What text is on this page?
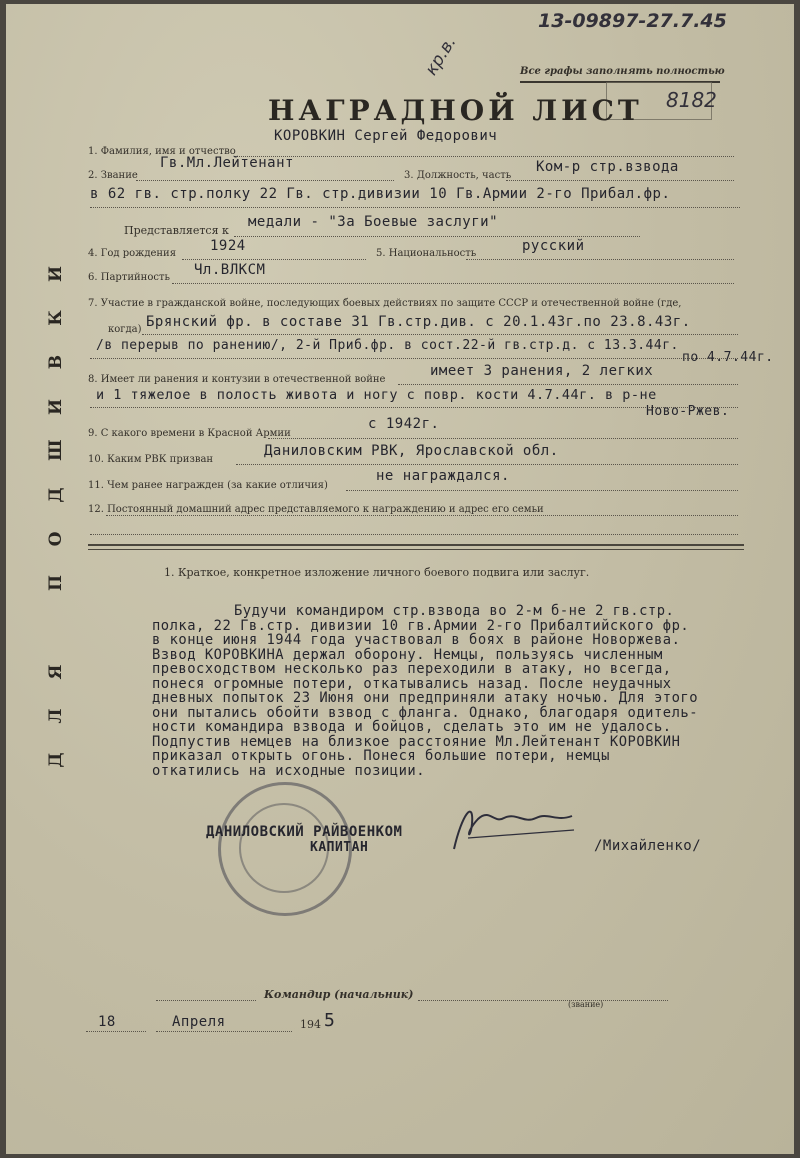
13-09897-27.7.45
Все графы заполнять полностью
8182
кр.в.
НАГРАДНОЙ ЛИСТ
КОРОВКИН Сергей Федорович
1. Фамилия, имя и отчество
2. Звание
Гв.Мл.Лейтенант
3. Должность, часть
Ком-р стр.взвода
в 62 гв. стр.полку 22 Гв. стр.дивизии 10 Гв.Армии 2-го Прибал.фр.
Представляется к
медали - "За Боевые заслуги"
4. Год рождения 1924	5. Национальность	русский
6. Партийность Чл.ВЛКСМ
7. Участие в гражданской войне, последующих боевых действиях по защите СССР и отечественной войне (где,
когда) Брянский фр. в составе 31 Гв.стр.див. с 20.1.43г.по 23.8.43г.
/в перерыв по ранению/, 2-й Приб.фр. в сост.22-й гв.стр.д. с 13.3.44г.
по 4.7.44г.
8. Имеет ли ранения и контузии в отечественной войне
имеет 3 ранения, 2 легких
и 1 тяжелое в полость живота и ногу с повр. кости 4.7.44г. в р-не
Ново-Ржев.
9. С какого времени в Красной Армии
с 1942г.
10. Каким РВК призван
Даниловским РВК, Ярославской обл.
11. Чем ранее награжден (за какие отличия)
не награждался.
12. Постоянный домашний адрес представляемого к награждению и адрес его семьи
1. Краткое, конкретное изложение личного боевого подвига или заслуг.
Будучи командиром стр.взвода во 2-м б-не 2 гв.стр.
полка, 22 Гв.стр. дивизии 10 гв.Армии 2-го Прибалтийского фр.
в конце июня 1944 года участвовал в боях в районе Новоржева.
Взвод КОРОВКИНА держал оборону. Немцы, пользуясь численным
превосходством несколько раз переходили в атаку, но всегда,
понеся огромные потери, откатывались назад. После неудачных
дневных попыток 23 Июня они предприняли атаку ночью. Для этого
они пытались обойти взвод с фланга. Однако, благодаря одитель-
ности командира взвода и бойцов, сделать это им не удалось.
Подпустив немцев на близкое расстояние Мл.Лейтенант КОРОВКИН
приказал открыть огонь. Понеся большие потери, немцы
откатились на исходные позиции.
ДАНИЛОВСКИЙ РАЙВОЕНКОМ
КАПИТАН	/Михайленко/
Командир (начальник)
(звание)
18	Апреля	194 5
Д
Л
Я
П
О
Д
Ш
И
В
К
И
